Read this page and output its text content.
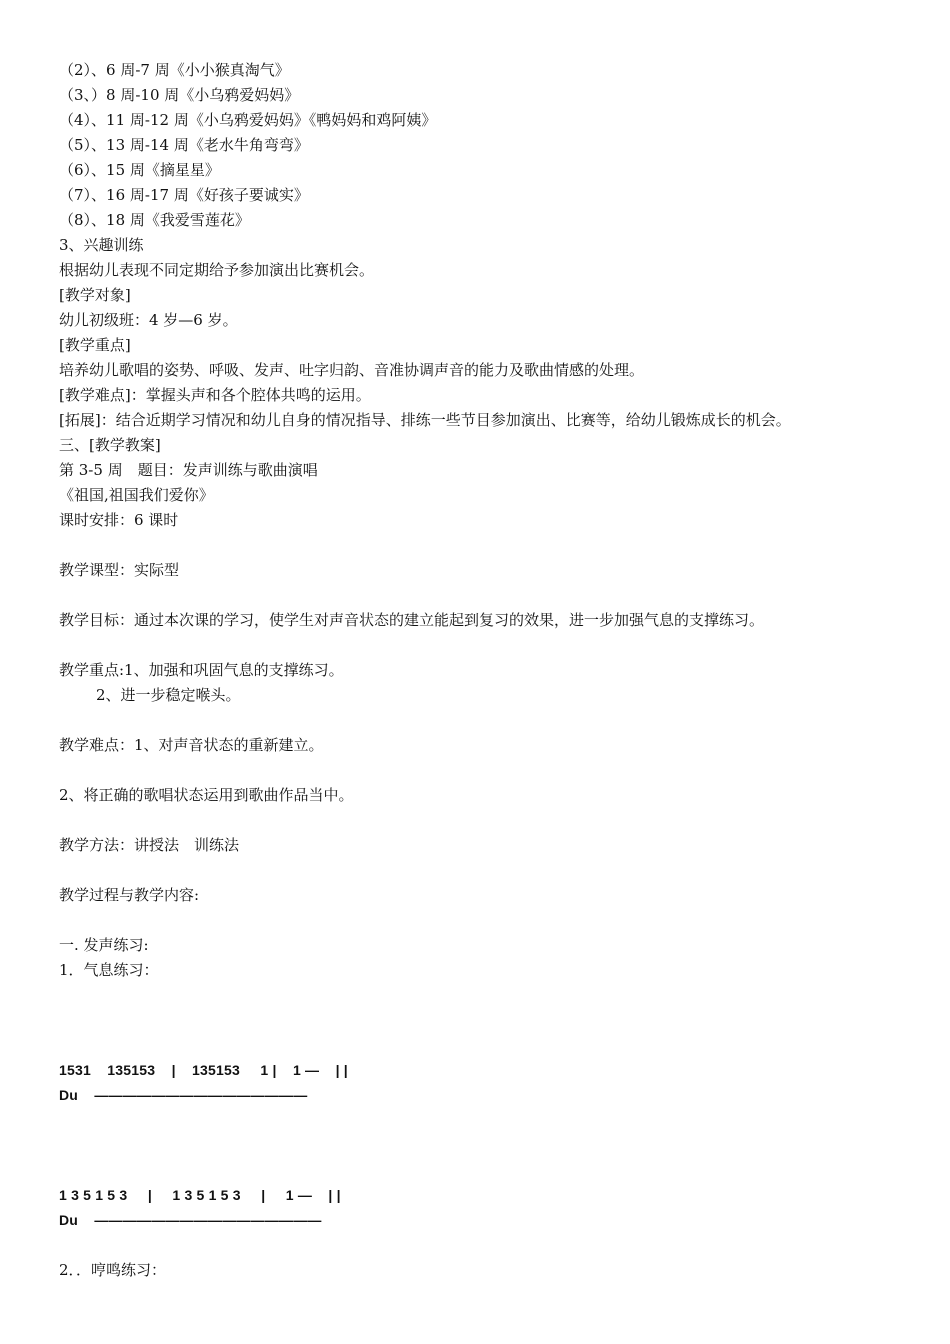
（2）、6 周-7 周《小小猴真淘气》
（3、）8 周-10 周《小乌鸦爱妈妈》
（4）、11 周-12 周《小乌鸦爱妈妈》《鸭妈妈和鸡阿姨》
（5）、13 周-14 周《老水牛角弯弯》
（6）、15 周《摘星星》
（7）、16 周-17 周《好孩子要诚实》
（8）、18 周《我爱雪莲花》
3、兴趣训练
根据幼儿表现不同定期给予参加演出比赛机会。
[教学对象]
幼儿初级班：4 岁—6 岁。
[教学重点]
培养幼儿歌唱的姿势、呼吸、发声、吐字归韵、音准协调声音的能力及歌曲情感的处理。
[教学难点]：掌握头声和各个腔体共鸣的运用。
[拓展]：结合近期学习情况和幼儿自身的情况指导、排练一些节目参加演出、比赛等，给幼儿锻炼成长的机会。
三、[教学教案]
第 3-5 周　题目：发声训练与歌曲演唱
《祖国,祖国我们爱你》
课时安排：6 课时
教学课型：实际型
教学目标：通过本次课的学习，使学生对声音状态的建立能起到复习的效果，进一步加强气息的支撑练习。
教学重点:1、加强和巩固气息的支撑练习。
2、进一步稳定喉头。
教学难点：1、对声音状态的重新建立。
2、将正确的歌唱状态运用到歌曲作品当中。
教学方法：讲授法　训练法
教学过程与教学内容:
一. 发声练习:
1．气息练习：
1531    135153    |    135153     1 |    1 —    | |
Du    ———————————————
1 3 5 1 5 3     |     1 3 5 1 5 3     |     1 —    | |
Du    ————————————————
2．．哼鸣练习：
